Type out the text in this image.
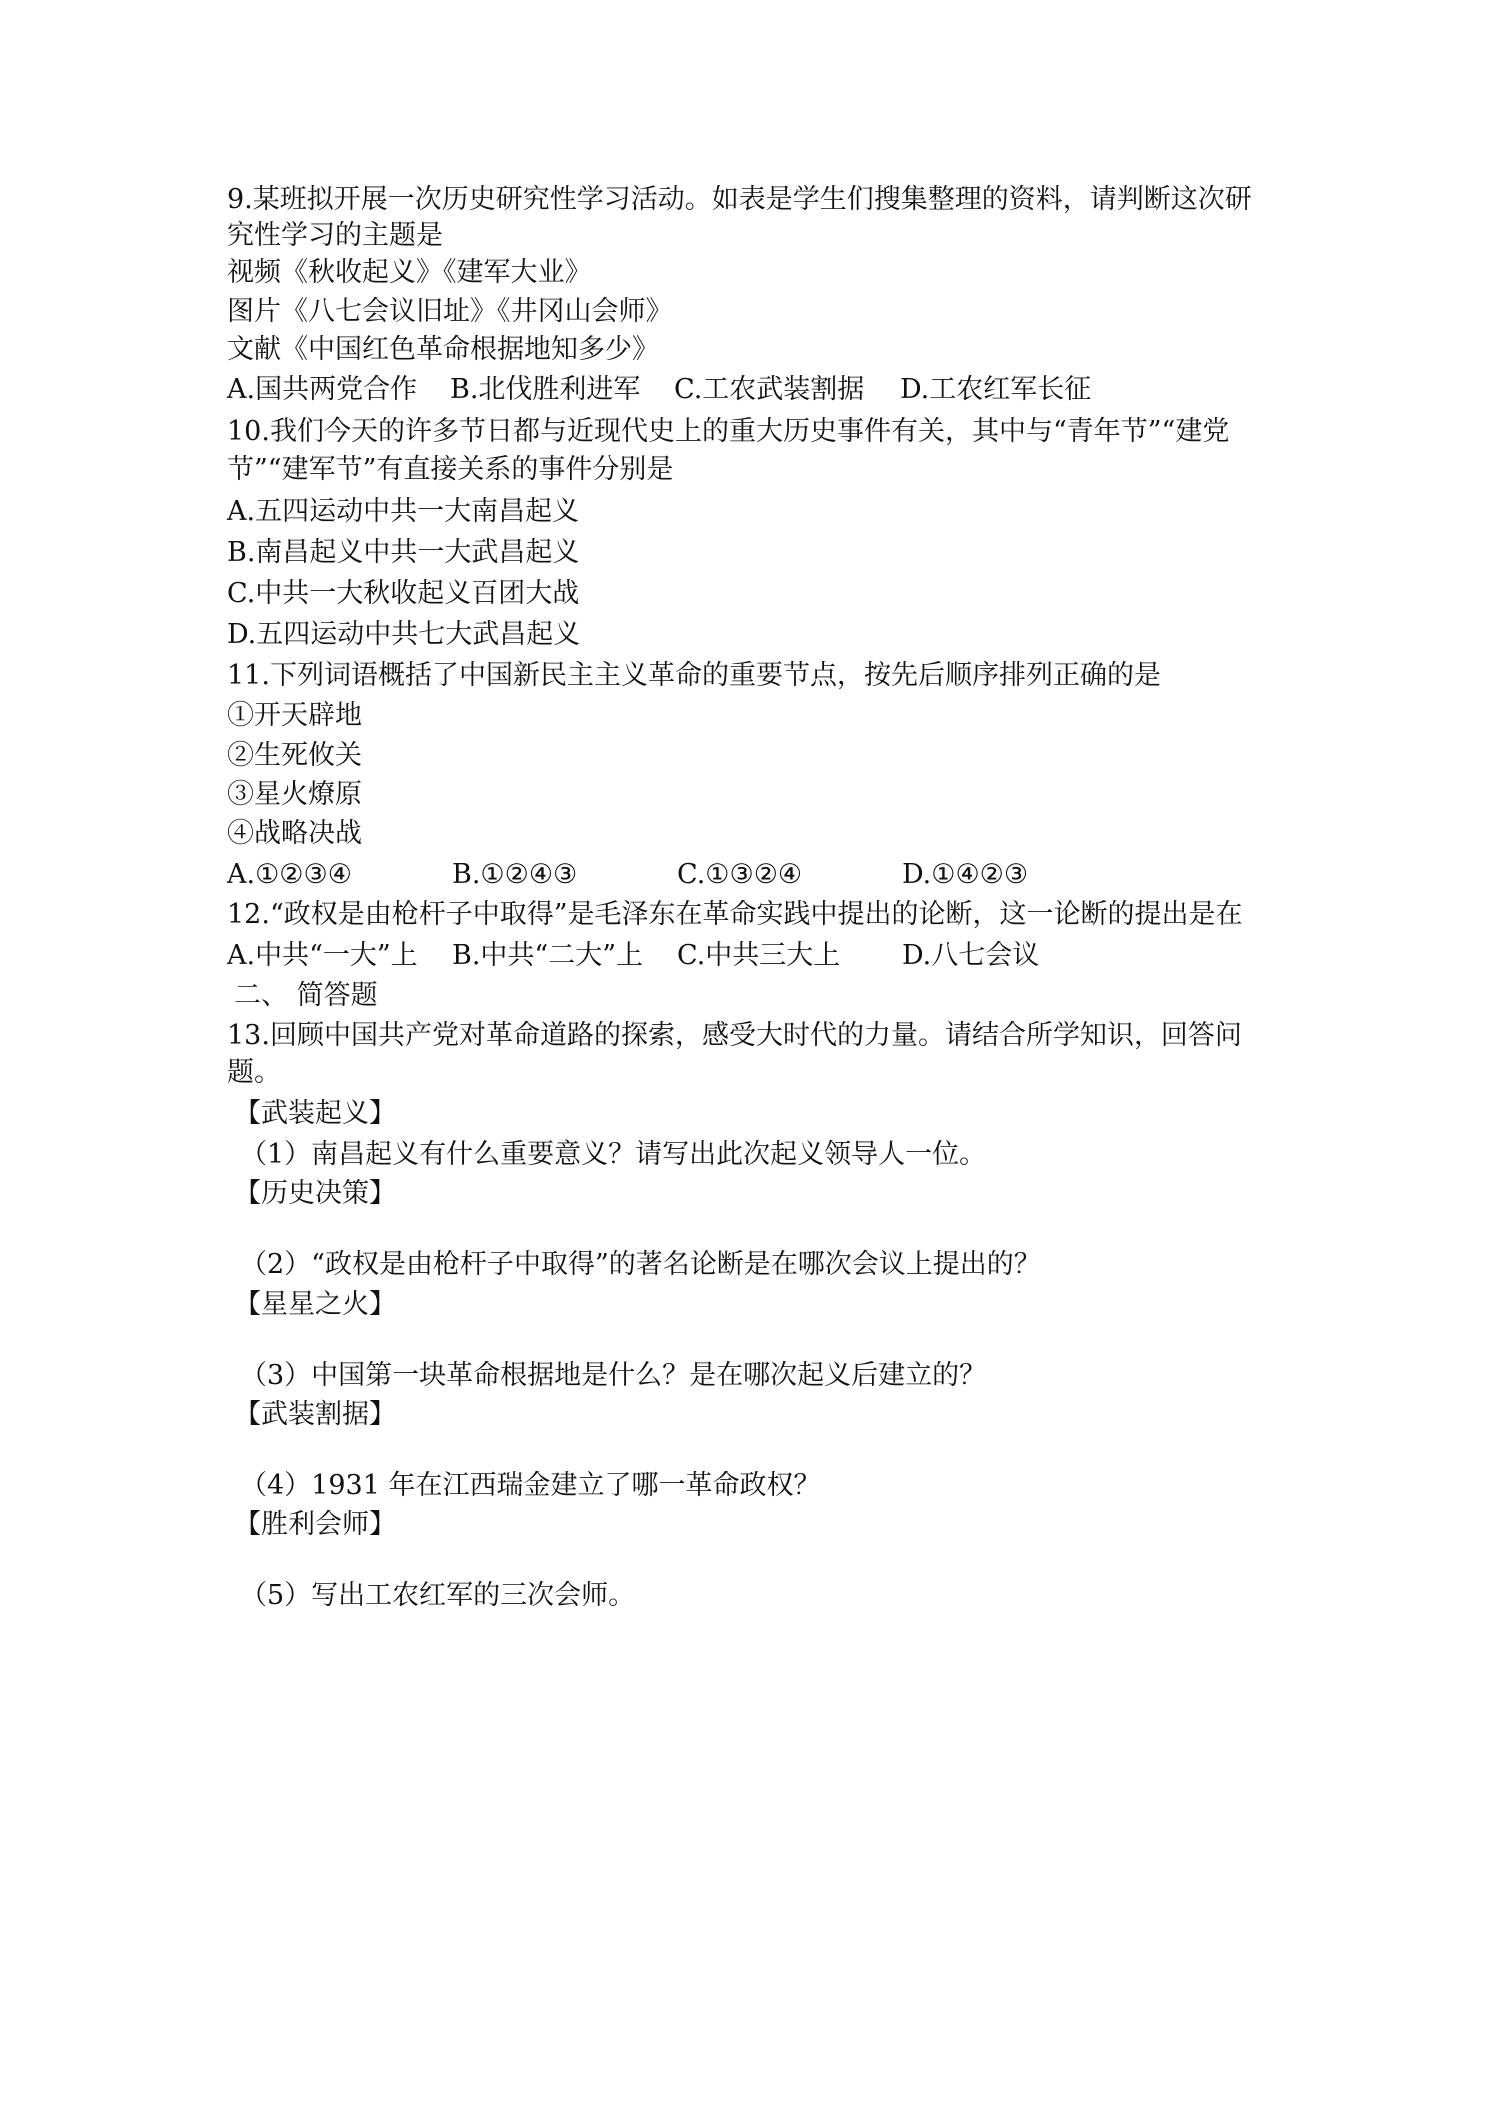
9.某班拟开展一次历史研究性学习活动。如表是学生们搜集整理的资料，请判断这次研
究性学习的主题是
视频《秋收起义》《建军大业》
图片《八七会议旧址》《井冈山会师》
文献《中国红色革命根据地知多少》
A.国共两党合作 B.北伐胜利进军 C.工农武装割据 D.工农红军长征
10.我们今天的许多节日都与近现代史上的重大历史事件有关，其中与“青年节”“建党
节”“建军节”有直接关系的事件分别是
A.五四运动中共一大南昌起义
B.南昌起义中共一大武昌起义
C.中共一大秋收起义百团大战
D.五四运动中共七大武昌起义
11.下列词语概括了中国新民主主义革命的重要节点，按先后顺序排列正确的是
①开天辟地
②生死攸关
③星火燎原
④战略决战
A.①②③④	B.①②④③	C.①③②④	D.①④②③
12.“政权是由枪杆子中取得”是毛泽东在革命实践中提出的论断，这一论断的提出是在
A.中共“一大”上 B.中共“二大”上 C.中共三大上 D.八七会议
二、 简答题
13.回顾中国共产党对革命道路的探索，感受大时代的力量。请结合所学知识，回答问
题。
【武装起义】
（1）南昌起义有什么重要意义？请写出此次起义领导人一位。
【历史决策】
（2）“政权是由枪杆子中取得”的著名论断是在哪次会议上提出的？
【星星之火】
（3）中国第一块革命根据地是什么？是在哪次起义后建立的？
【武装割据】
（4）1931 年在江西瑞金建立了哪一革命政权？
【胜利会师】
（5）写出工农红军的三次会师。
